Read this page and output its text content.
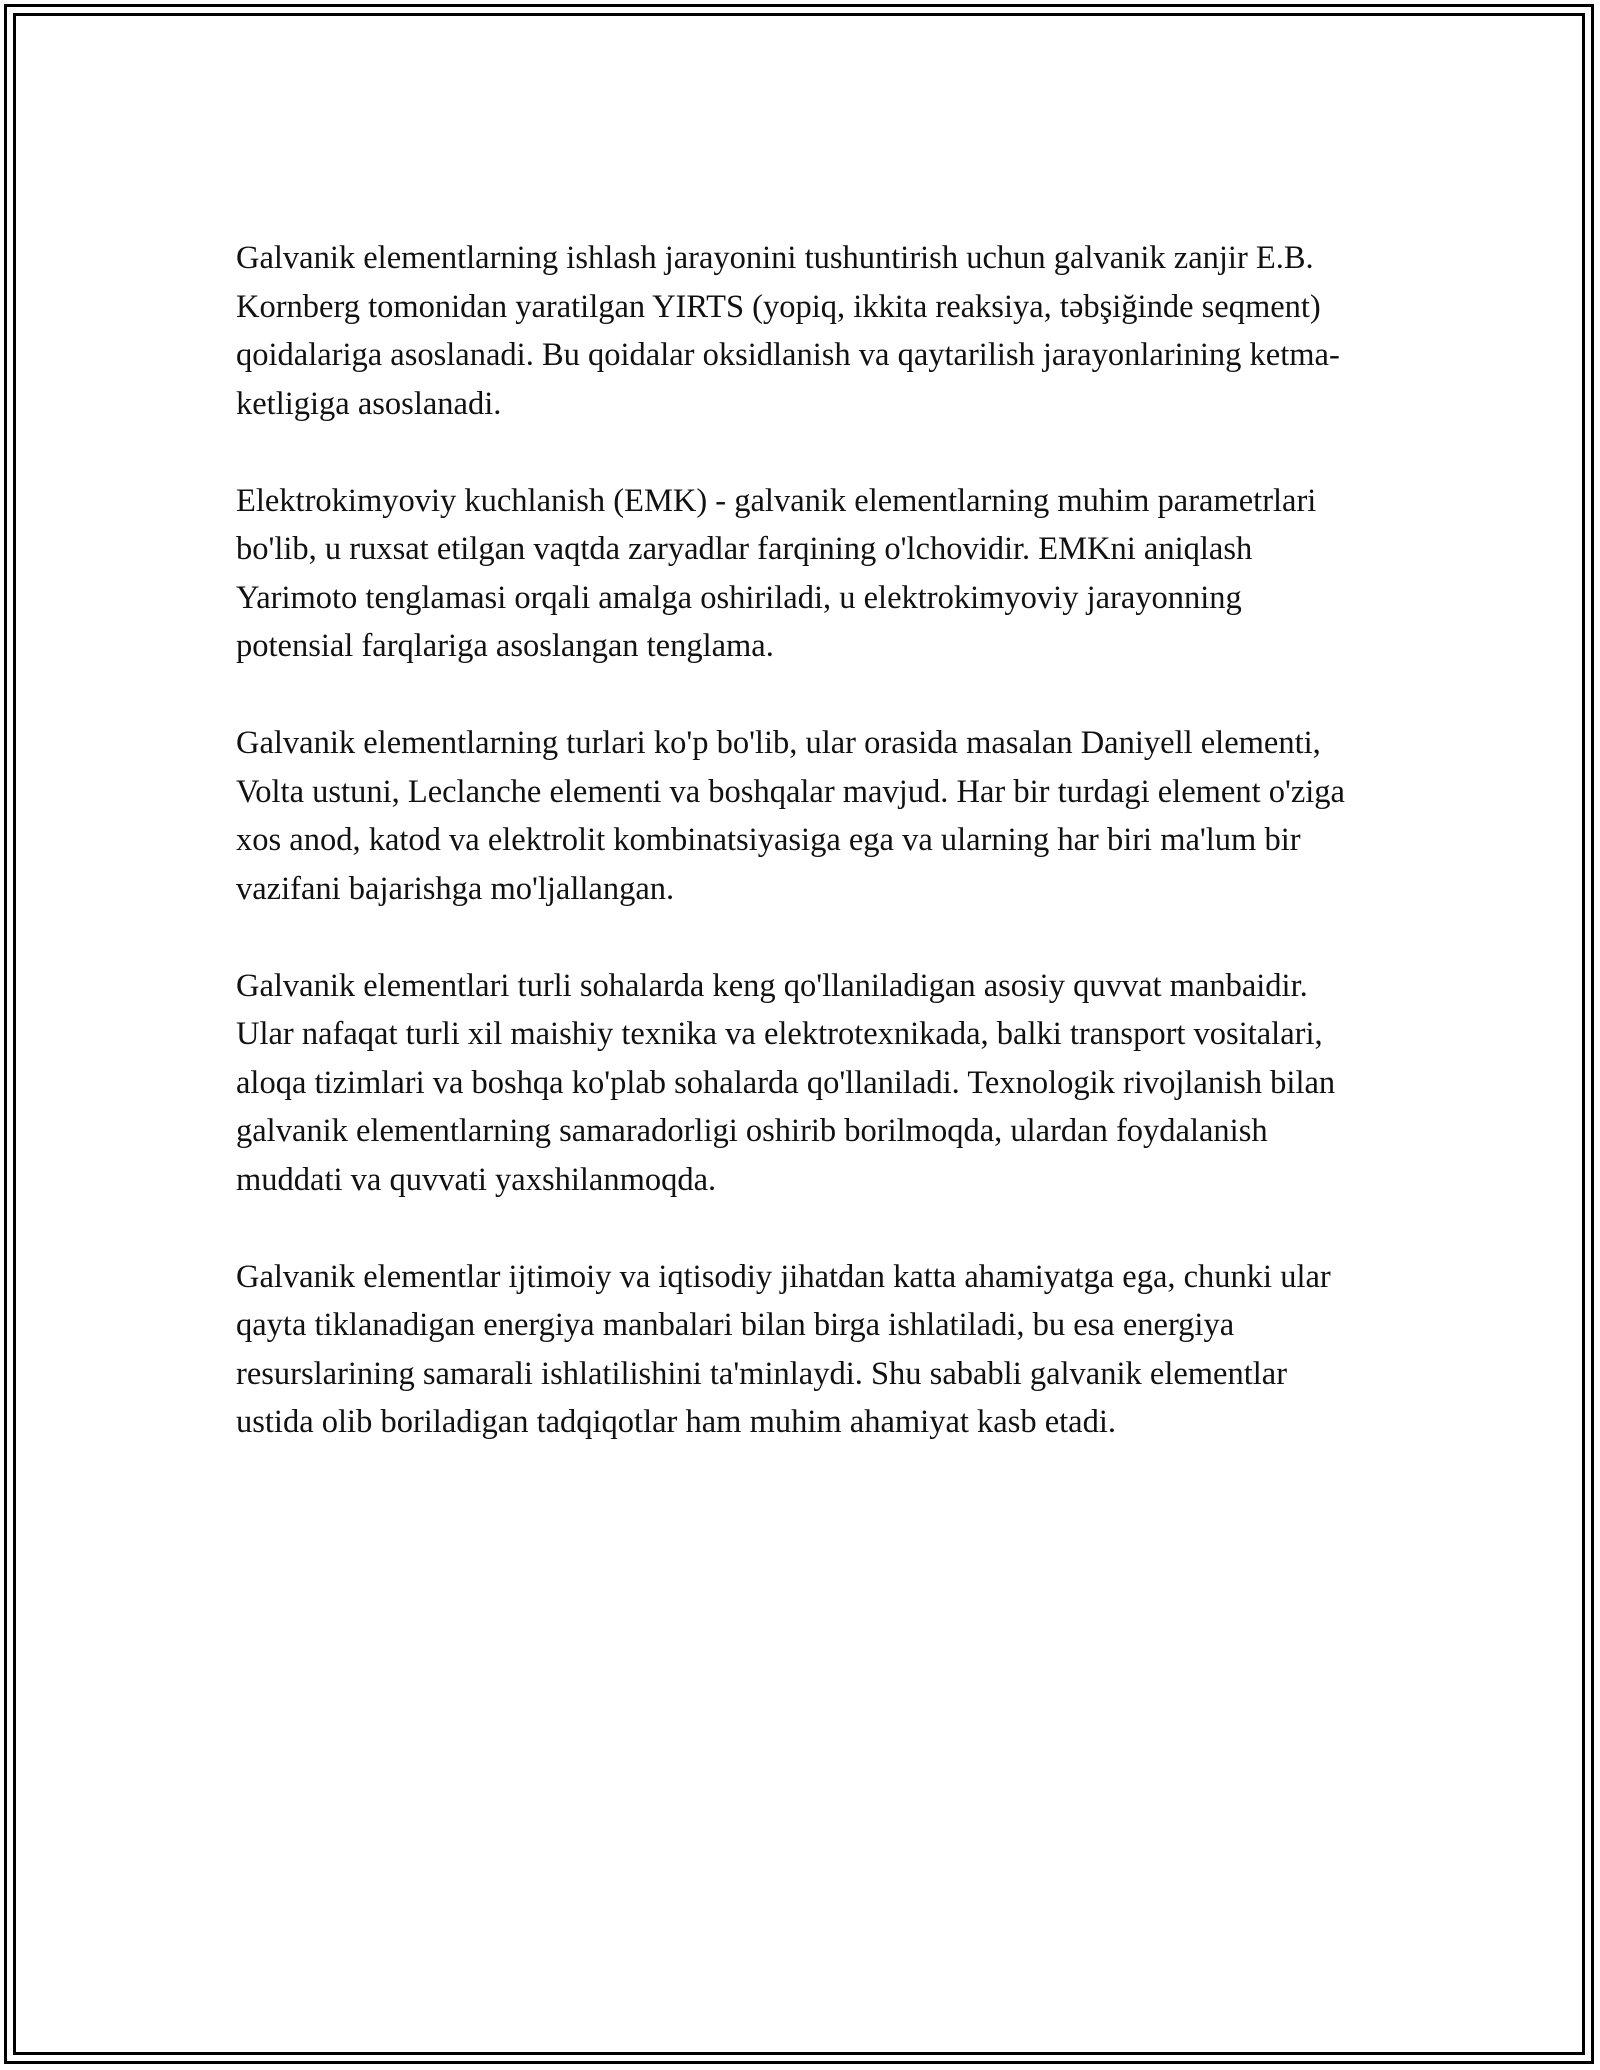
Galvanik elementlarning ishlash jarayonini tushuntirish uchun galvanik zanjir E.B. Kornberg tomonidan yaratilgan YIRTS (yopiq, ikkita reaksiya, təbşiğinde seqment) qoidalariga asoslanadi. Bu qoidalar oksidlanish va qaytarilish jarayonlarining ketma-ketligiga asoslanadi.

Elektrokimyoviy kuchlanish (EMK) - galvanik elementlarning muhim parametrlari bo'lib, u ruxsat etilgan vaqtda zaryadlar farqining o'lchovidir. EMKni aniqlash Yarimoto tenglamasi orqali amalga oshiriladi, u elektrokimyoviy jarayonning potensial farqlariga asoslangan tenglama.

Galvanik elementlarning turlari ko'p bo'lib, ular orasida masalan Daniyell elementi, Volta ustuni, Leclanche elementi va boshqalar mavjud. Har bir turdagi element o'ziga xos anod, katod va elektrolit kombinatsiyasiga ega va ularning har biri ma'lum bir vazifani bajarishga mo'ljallangan.

Galvanik elementlari turli sohalarda keng qo'llaniladigan asosiy quvvat manbaidir. Ular nafaqat turli xil maishiy texnika va elektrotexnikada, balki transport vositalari, aloqa tizimlari va boshqa ko'plab sohalarda qo'llaniladi. Texnologik rivojlanish bilan galvanik elementlarning samaradorligi oshirib borilmoqda, ulardan foydalanish muddati va quvvati yaxshilanmoqda.

Galvanik elementlar ijtimoiy va iqtisodiy jihatdan katta ahamiyatga ega, chunki ular qayta tiklanadigan energiya manbalari bilan birga ishlatiladi, bu esa energiya resurslarining samarali ishlatilishini ta'minlaydi. Shu sababli galvanik elementlar ustida olib boriladigan tadqiqotlar ham muhim ahamiyat kasb etadi.
